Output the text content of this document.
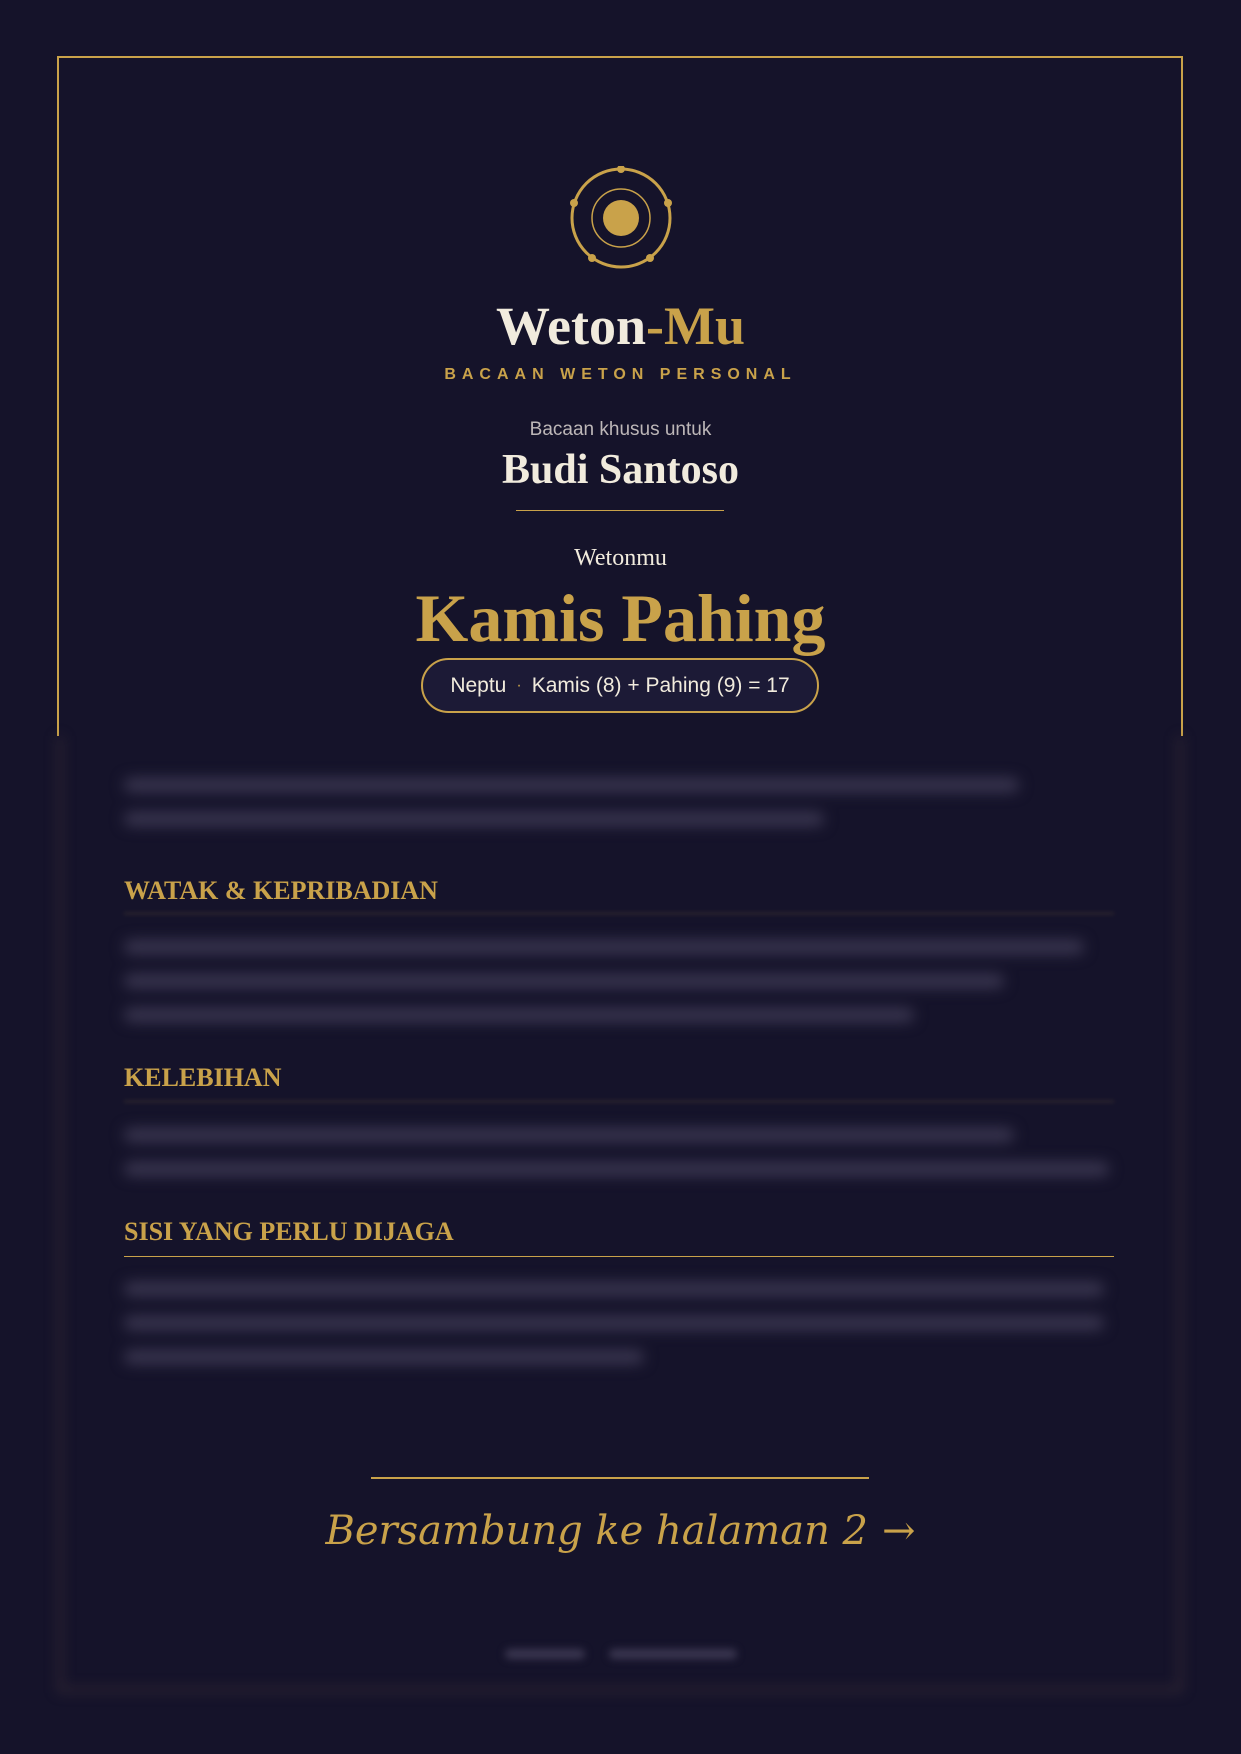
Weton-Mu
BACAAN WETON PERSONAL
Bacaan khusus untuk
Budi Santoso
Wetonmu
Kamis Pahing
Neptu · Kamis (8) + Pahing (9) = 17
WATAK & KEPRIBADIAN
KELEBIHAN
SISI YANG PERLU DIJAGA
Bersambung ke halaman 2 →
